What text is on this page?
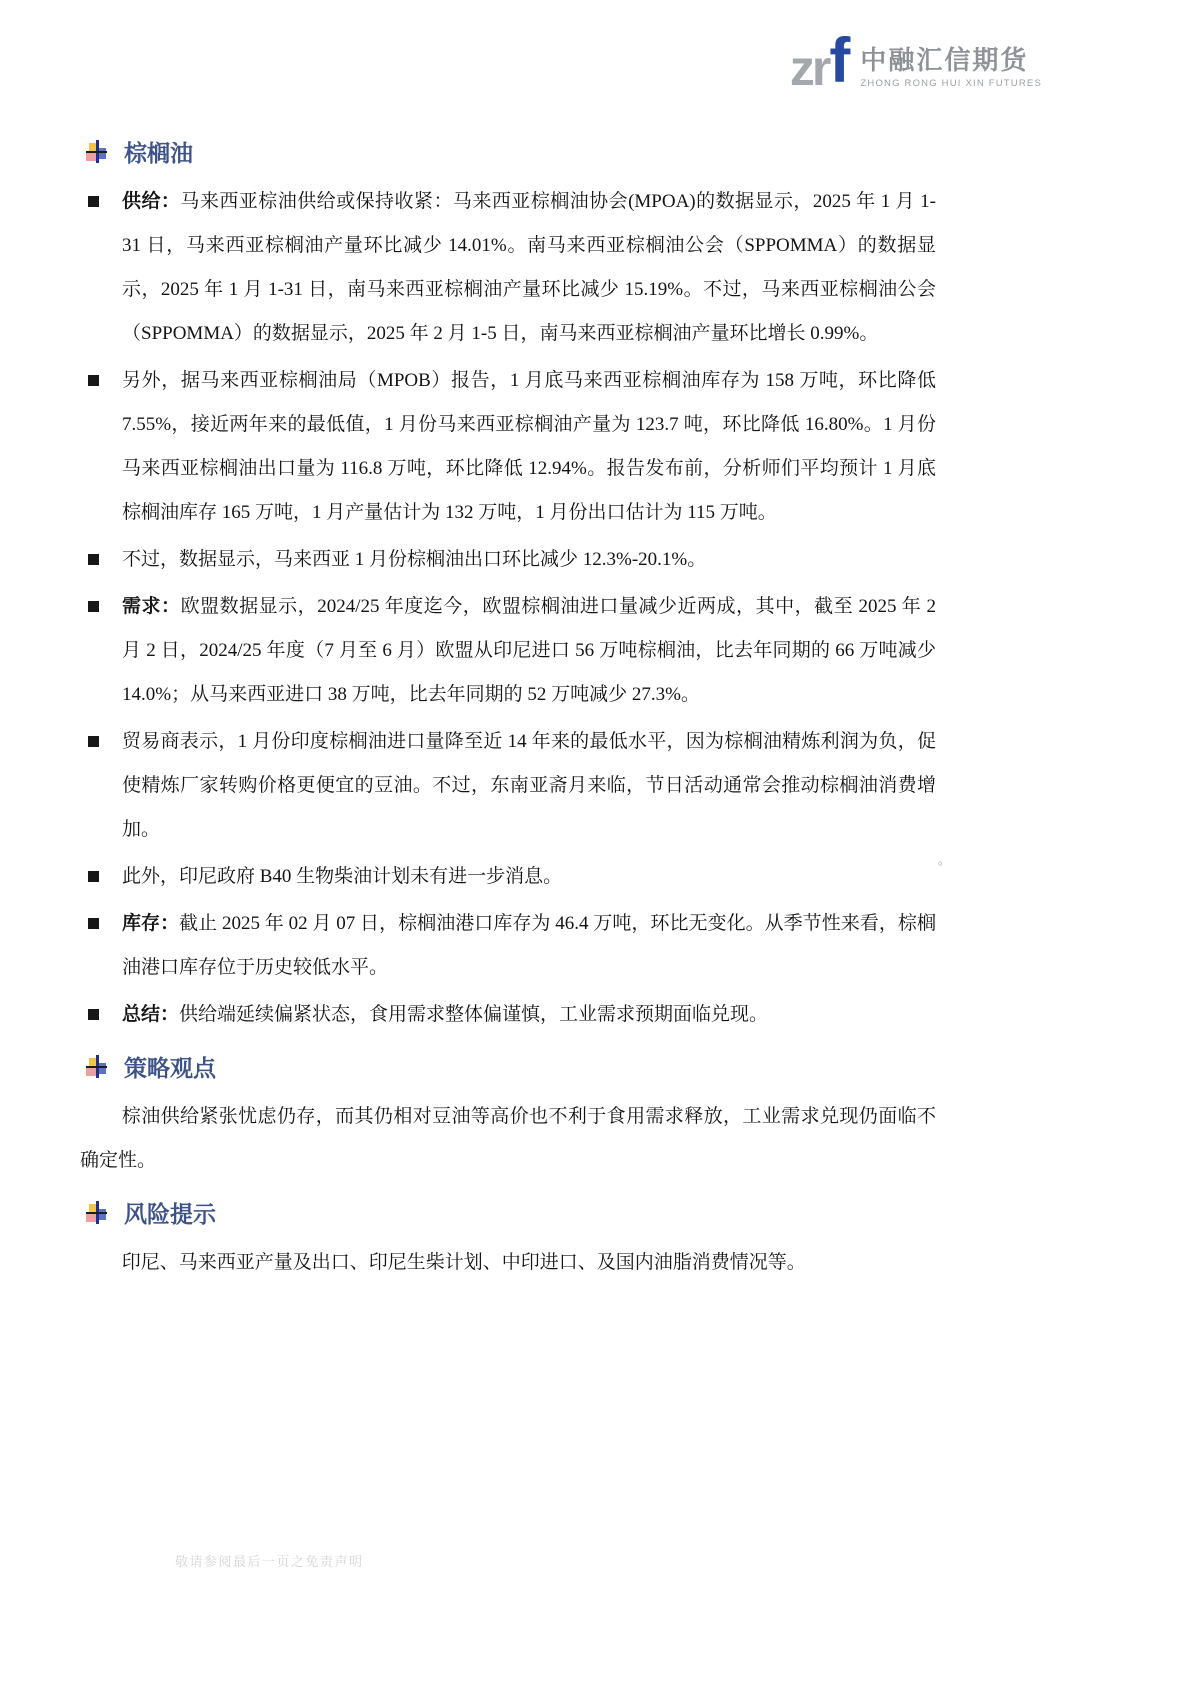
zr f 中融汇信期货
ZHONG RONG HUI XIN FUTURES
棕榈油
供给：马来西亚棕油供给或保持收紧：马来西亚棕榈油协会(MPOA)的数据显示，2025 年 1 月 1-31 日，马来西亚棕榈油产量环比减少 14.01%。南马来西亚棕榈油公会（SPPOMMA）的数据显示，2025 年 1 月 1-31 日，南马来西亚棕榈油产量环比减少 15.19%。不过，马来西亚棕榈油公会（SPPOMMA）的数据显示，2025 年 2 月 1-5 日，南马来西亚棕榈油产量环比增长 0.99%。
另外，据马来西亚棕榈油局（MPOB）报告，1 月底马来西亚棕榈油库存为 158 万吨，环比降低 7.55%，接近两年来的最低值，1 月份马来西亚棕榈油产量为 123.7 吨，环比降低 16.80%。1 月份马来西亚棕榈油出口量为 116.8 万吨，环比降低 12.94%。报告发布前，分析师们平均预计 1 月底棕榈油库存 165 万吨，1 月产量估计为 132 万吨，1 月份出口估计为 115 万吨。
不过，数据显示，马来西亚 1 月份棕榈油出口环比减少 12.3%-20.1%。
需求：欧盟数据显示，2024/25 年度迄今，欧盟棕榈油进口量减少近两成，其中，截至 2025 年 2 月 2 日，2024/25 年度（7 月至 6 月）欧盟从印尼进口 56 万吨棕榈油，比去年同期的 66 万吨减少 14.0%；从马来西亚进口 38 万吨，比去年同期的 52 万吨减少 27.3%。
贸易商表示，1 月份印度棕榈油进口量降至近 14 年来的最低水平，因为棕榈油精炼利润为负，促使精炼厂家转购价格更便宜的豆油。不过，东南亚斋月来临，节日活动通常会推动棕榈油消费增加。
此外，印尼政府 B40 生物柴油计划未有进一步消息。
库存：截止 2025 年 02 月 07 日，棕榈油港口库存为 46.4 万吨，环比无变化。从季节性来看，棕榈油港口库存位于历史较低水平。
总结：供给端延续偏紧状态，食用需求整体偏谨慎，工业需求预期面临兑现。
策略观点

棕油供给紧张忧虑仍存，而其仍相对豆油等高价也不利于食用需求释放，工业需求兑现仍面临不确定性。

风险提示

印尼、马来西亚产量及出口、印尼生柴计划、中印进口、及国内油脂消费情况等。

。
敬请参阅最后一页之免责声明
